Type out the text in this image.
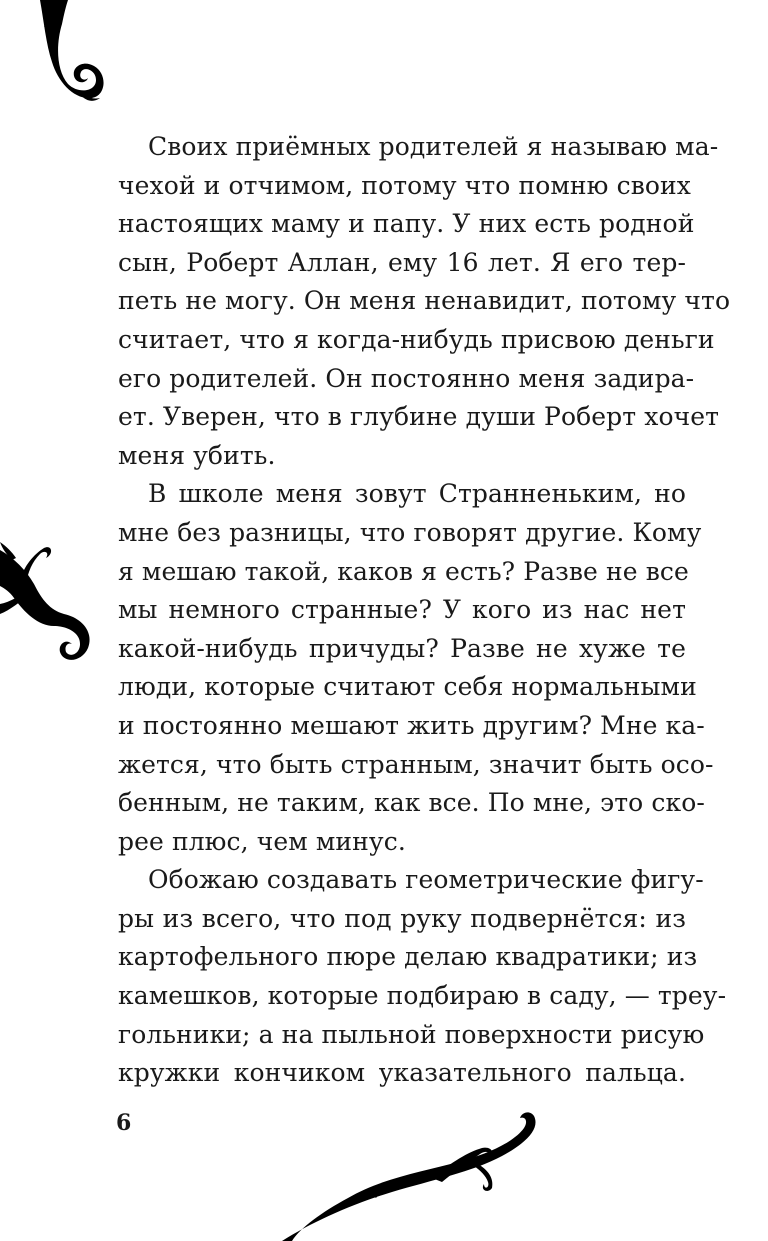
Своих приёмных родителей я называю ма-
чехой и отчимом, потому что помню своих
настоящих маму и папу. У них есть родной
сын, Роберт Аллан, ему 16 лет. Я его тер-
петь не могу. Он меня ненавидит, потому что
считает, что я когда-нибудь присвою деньги
его родителей. Он постоянно меня задира-
ет. Уверен, что в глубине души Роберт хочет
меня убить.
В школе меня зовут Странненьким, но
мне без разницы, что говорят другие. Кому
я мешаю такой, каков я есть? Разве не все
мы немного странные? У кого из нас нет
какой-нибудь причуды? Разве не хуже те
люди, которые считают себя нормальными
и постоянно мешают жить другим? Мне ка-
жется, что быть странным, значит быть осо-
бенным, не таким, как все. По мне, это ско-
рее плюс, чем минус.
Обожаю создавать геометрические фигу-
ры из всего, что под руку подвернётся: из
картофельного пюре делаю квадратики; из
камешков, которые подбираю в саду, — треу-
гольники; а на пыльной поверхности рисую
кружки кончиком указательного пальца.
6
